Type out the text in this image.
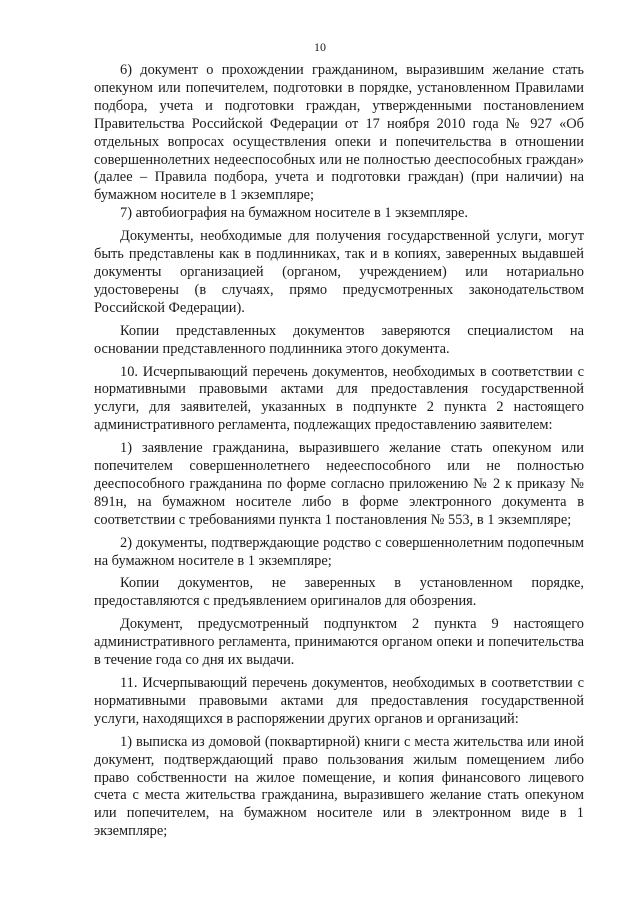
10

6) документ о прохождении гражданином, выразившим желание стать опекуном или попечителем, подготовки в порядке, установленном Правилами подбора, учета и подготовки граждан, утвержденными постановлением Правительства Российской Федерации от 17 ноября 2010 года № 927 «Об отдельных вопросах осуществления опеки и попечительства в отношении совершеннолетних недееспособных или не полностью дееспособных граждан» (далее – Правила подбора, учета и подготовки граждан) (при наличии) на бумажном носителе в 1 экземпляре;

7) автобиография на бумажном носителе в 1 экземпляре.

Документы, необходимые для получения государственной услуги, могут быть представлены как в подлинниках, так и в копиях, заверенных выдавшей документы организацией (органом, учреждением) или нотариально удостоверены (в случаях, прямо предусмотренных законодательством Российской Федерации).

Копии представленных документов заверяются специалистом на основании представленного подлинника этого документа.

10. Исчерпывающий перечень документов, необходимых в соответствии с нормативными правовыми актами для предоставления государственной услуги, для заявителей, указанных в подпункте 2 пункта 2 настоящего административного регламента, подлежащих предоставлению заявителем:

1) заявление гражданина, выразившего желание стать опекуном или попечителем совершеннолетнего недееспособного или не полностью дееспособного гражданина по форме согласно приложению № 2 к приказу № 891н, на бумажном носителе либо в форме электронного документа в соответствии с требованиями пункта 1 постановления № 553, в 1 экземпляре;

2) документы, подтверждающие родство с совершеннолетним подопечным на бумажном носителе в 1 экземпляре;

Копии документов, не заверенных в установленном порядке, предоставляются с предъявлением оригиналов для обозрения.

Документ, предусмотренный подпунктом 2 пункта 9 настоящего административного регламента, принимаются органом опеки и попечительства в течение года со дня их выдачи.

11. Исчерпывающий перечень документов, необходимых в соответствии с нормативными правовыми актами для предоставления государственной услуги, находящихся в распоряжении других органов и организаций:

1) выписка из домовой (поквартирной) книги с места жительства или иной документ, подтверждающий право пользования жилым помещением либо право собственности на жилое помещение, и копия финансового лицевого счета с места жительства гражданина, выразившего желание стать опекуном или попечителем, на бумажном носителе или в электронном виде в 1 экземпляре;
